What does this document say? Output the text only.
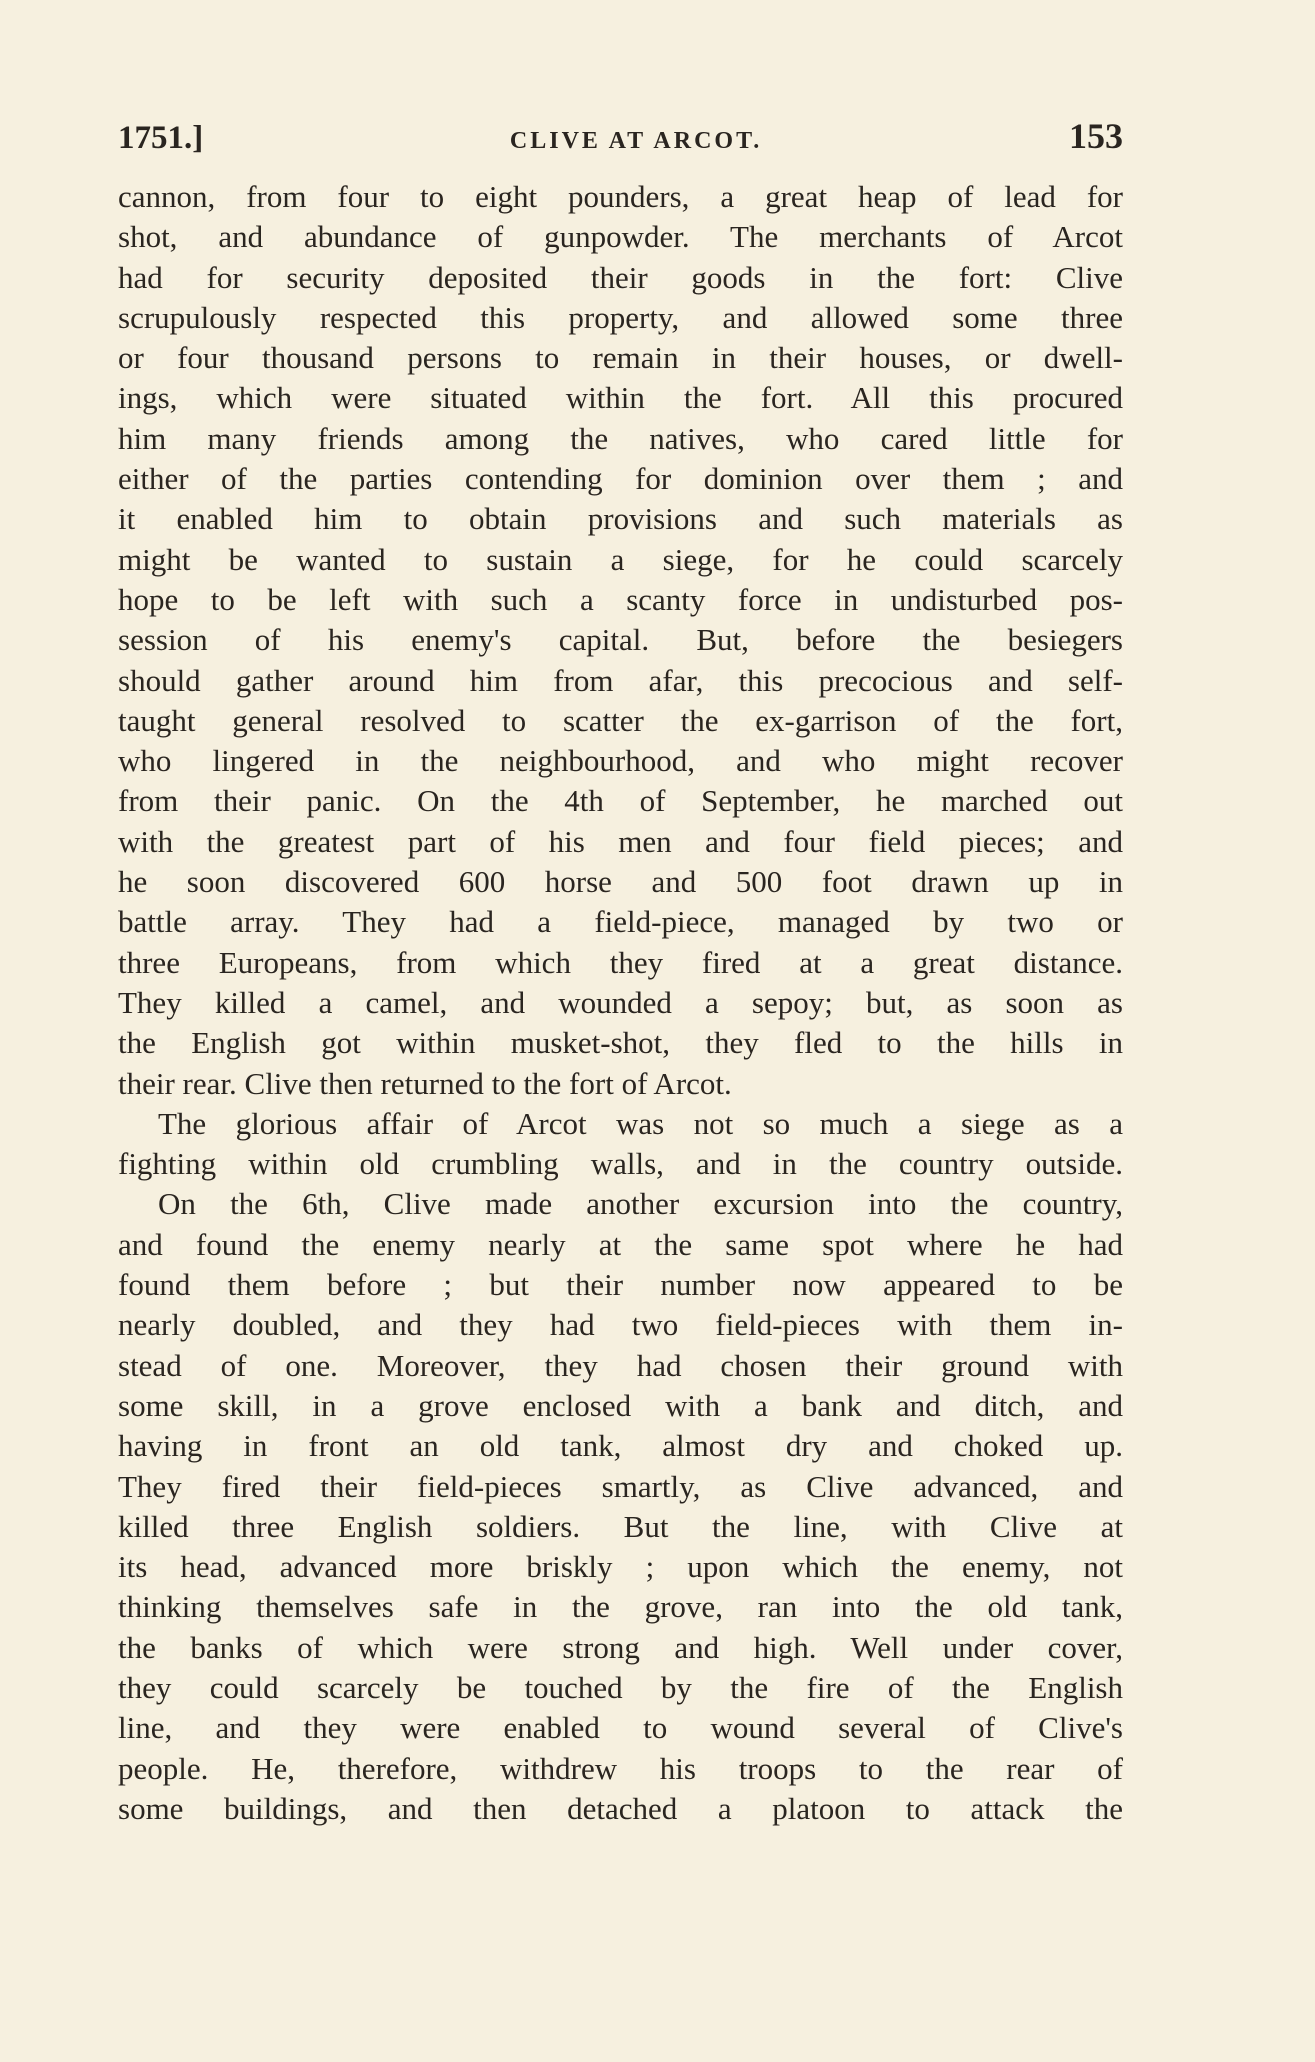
1751.]	CLIVE AT ARCOT.	153
cannon, from four to eight pounders, a great heap of lead for
shot, and abundance of gunpowder. The merchants of Arcot
had for security deposited their goods in the fort: Clive
scrupulously respected this property, and allowed some three
or four thousand persons to remain in their houses, or dwell-
ings, which were situated within the fort. All this procured
him many friends among the natives, who cared little for
either of the parties contending for dominion over them ; and
it enabled him to obtain provisions and such materials as
might be wanted to sustain a siege, for he could scarcely
hope to be left with such a scanty force in undisturbed pos-
session of his enemy's capital. But, before the besiegers
should gather around him from afar, this precocious and self-
taught general resolved to scatter the ex-garrison of the fort,
who lingered in the neighbourhood, and who might recover
from their panic. On the 4th of September, he marched out
with the greatest part of his men and four field pieces; and
he soon discovered 600 horse and 500 foot drawn up in
battle array. They had a field-piece, managed by two or
three Europeans, from which they fired at a great distance.
They killed a camel, and wounded a sepoy; but, as soon as
the English got within musket-shot, they fled to the hills in
their rear. Clive then returned to the fort of Arcot.
The glorious affair of Arcot was not so much a siege as a
fighting within old crumbling walls, and in the country outside.
On the 6th, Clive made another excursion into the country,
and found the enemy nearly at the same spot where he had
found them before ; but their number now appeared to be
nearly doubled, and they had two field-pieces with them in-
stead of one. Moreover, they had chosen their ground with
some skill, in a grove enclosed with a bank and ditch, and
having in front an old tank, almost dry and choked up.
They fired their field-pieces smartly, as Clive advanced, and
killed three English soldiers. But the line, with Clive at
its head, advanced more briskly ; upon which the enemy, not
thinking themselves safe in the grove, ran into the old tank,
the banks of which were strong and high. Well under cover,
they could scarcely be touched by the fire of the English
line, and they were enabled to wound several of Clive's
people. He, therefore, withdrew his troops to the rear of
some buildings, and then detached a platoon to attack the
